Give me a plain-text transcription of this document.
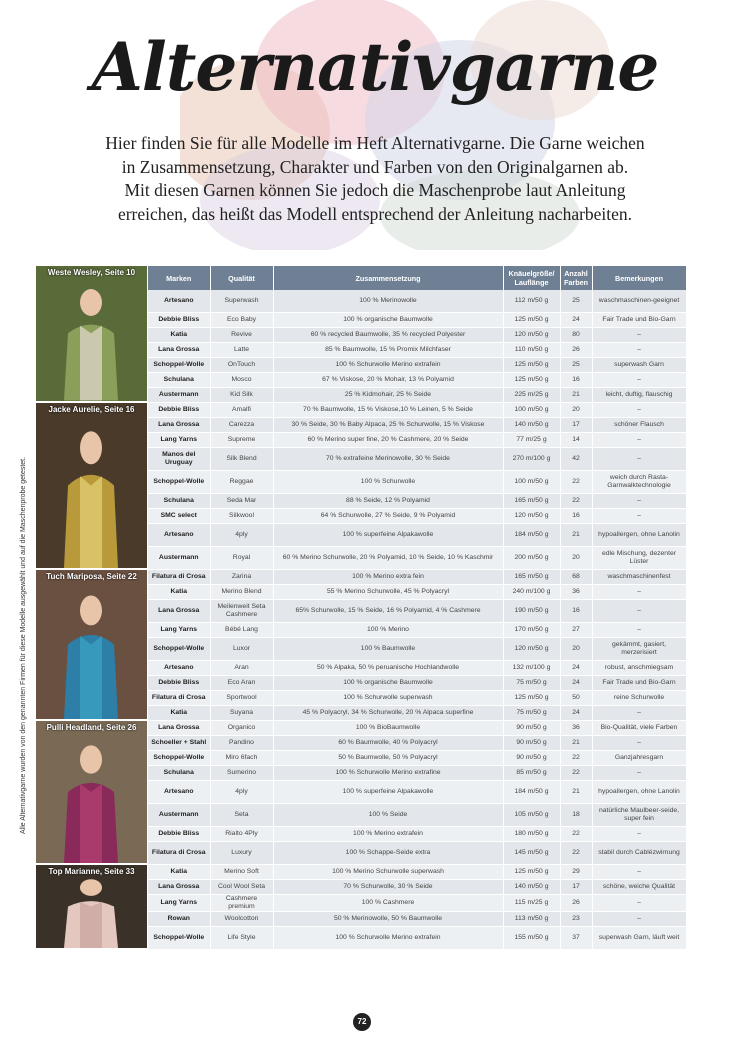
Alternativgarne
Hier finden Sie für alle Modelle im Heft Alternativgarne. Die Garne weichen
in Zusammensetzung, Charakter und Farben von den Originalgarnen ab.
Mit diesen Garnen können Sie jedoch die Maschenprobe laut Anleitung
erreichen, das heißt das Modell entsprechend der Anleitung nacharbeiten.
Alle Alternativgarne wurden von den genannten Firmen für diese Modelle ausgewählt und auf die Maschenprobe getestet.
Weste Wesley, Seite 10
Jacke Aurelie, Seite 16
Tuch Mariposa, Seite 22
Pulli Headland, Seite 26
Top Marianne, Seite 33
Marken	Qualität	Zusammensetzung	Knäuelgröße/ Lauflänge	Anzahl Farben	Bemerkungen
Artesano	Superwash	100 % Merinowolle	112 m/50 g	25	waschmaschinen-geeignet
Debbie Bliss	Eco Baby	100 % organische Baumwolle	125 m/50 g	24	Fair Trade und Bio-Garn
Katia	Revive	60 % recycled Baumwolle, 35 % recycled Polyester	120 m/50 g	80	–
Lana Grossa	Latte	85 % Baumwolle, 15 % Promix Milchfaser	110 m/50 g	26	–
Schoppel-Wolle	OnTouch	100 % Schurwolle Merino extrafein	125 m/50 g	25	superwash Garn
Schulana	Mosco	67 % Viskose, 20 % Mohair, 13 % Polyamid	125 m/50 g	16	–
Austermann	Kid Silk	25 % Kidmohair, 25 % Seide	225 m/25 g	21	leicht, duftig, flauschig
Debbie Bliss	Amalfi	70 % Baumwolle, 15 % Viskose,10 % Leinen, 5 % Seide	100 m/50 g	20	–
Lana Grossa	Carezza	30 % Seide, 30 % Baby Alpaca, 25 % Schurwolle, 15 % Viskose	140 m/50 g	17	schöner Flausch
Lang Yarns	Supreme	60 % Merino super fine, 20 % Cashmere, 20 % Seide	77 m/25 g	14	–
Manos del Uruguay	Silk Blend	70 % extrafeine Merinowolle, 30 % Seide	270 m/100 g	42	–
Schoppel-Wolle	Reggae	100 % Schurwolle	100 m/50 g	22	weich durch Rasta-Garnwalktechnologie
Schulana	Seda Mar	88 % Seide, 12 % Polyamid	165 m/50 g	22	–
SMC select	Silkwool	64 % Schurwolle, 27 % Seide, 9 % Polyamid	120 m/50 g	16	–
Artesano	4ply	100 % superfeine Alpakawolle	184 m/50 g	21	hypoallergen, ohne Lanolin
Austermann	Royal	60 % Merino Schurwolle, 20 % Polyamid, 10 % Seide, 10 % Kaschmir	200 m/50 g	20	edle Mischung, dezenter Lüster
Filatura di Crosa	Zarina	100 % Merino extra fein	165 m/50 g	68	waschmaschinenfest
Katia	Merino Blend	55 % Merino Schurwolle, 45 % Polyacryl	240 m/100 g	36	–
Lana Grossa	Meilenweit Seta Cashmere	65% Schurwolle, 15 % Seide, 16 % Polyamid, 4 % Cashmere	190 m/50 g	16	–
Lang Yarns	Bébé Lang	100 % Merino	170 m/50 g	27	–
Schoppel-Wolle	Luxor	100 % Baumwolle	120 m/50 g	20	gekämmt, gasiert, merzerisiert
Artesano	Aran	50 % Alpaka, 50 % peruanische Hochlandwolle	132 m/100 g	24	robust, anschmiegsam
Debbie Bliss	Eco Aran	100 % organische Baumwolle	75 m/50 g	24	Fair Trade und Bio-Garn
Filatura di Crosa	Sportwool	100 % Schurwolle superwash	125 m/50 g	50	reine Schurwolle
Katia	Suyana	45 % Polyacryl, 34 % Schurwolle, 20 % Alpaca superfine	75 m/50 g	24	–
Lana Grossa	Organico	100 % BioBaumwolle	90 m/50 g	36	Bio-Qualität, viele Farben
Schoeller + Stahl	Pandino	60 % Baumwolle, 40 % Polyacryl	90 m/50 g	21	–
Schoppel-Wolle	Miro 6fach	50 % Baumwolle, 50 % Polyacryl	90 m/50 g	22	Ganzjahresgarn
Schulana	Sumerino	100 % Schurwolle Merino extrafine	85 m/50 g	22	–
Artesano	4ply	100 % superfeine Alpakawolle	184 m/50 g	21	hypoallergen, ohne Lanolin
Austermann	Seta	100 % Seide	105 m/50 g	18	natürliche Maulbeer-seide, super fein
Debbie Bliss	Rialto 4Ply	100 % Merino extrafein	180 m/50 g	22	–
Filatura di Crosa	Luxury	100 % Schappe-Seide extra	145 m/50 g	22	stabil durch Cablézwirnung
Katia	Merino Soft	100 % Merino Schurwolle superwash	125 m/50 g	29	–
Lana Grossa	Cool Wool Seta	70 % Schurwolle, 30 % Seide	140 m/50 g	17	schöne, weiche Qualität
Lang Yarns	Cashmere premium	100 % Cashmere	115 m/25 g	26	–
Rowan	Woolcotton	50 % Merinowolle, 50 % Baumwolle	113 m/50 g	23	–
Schoppel-Wolle	Life Style	100 % Schurwolle Merino extrafein	155 m/50 g	37	superwash Garn, läuft weit
72
